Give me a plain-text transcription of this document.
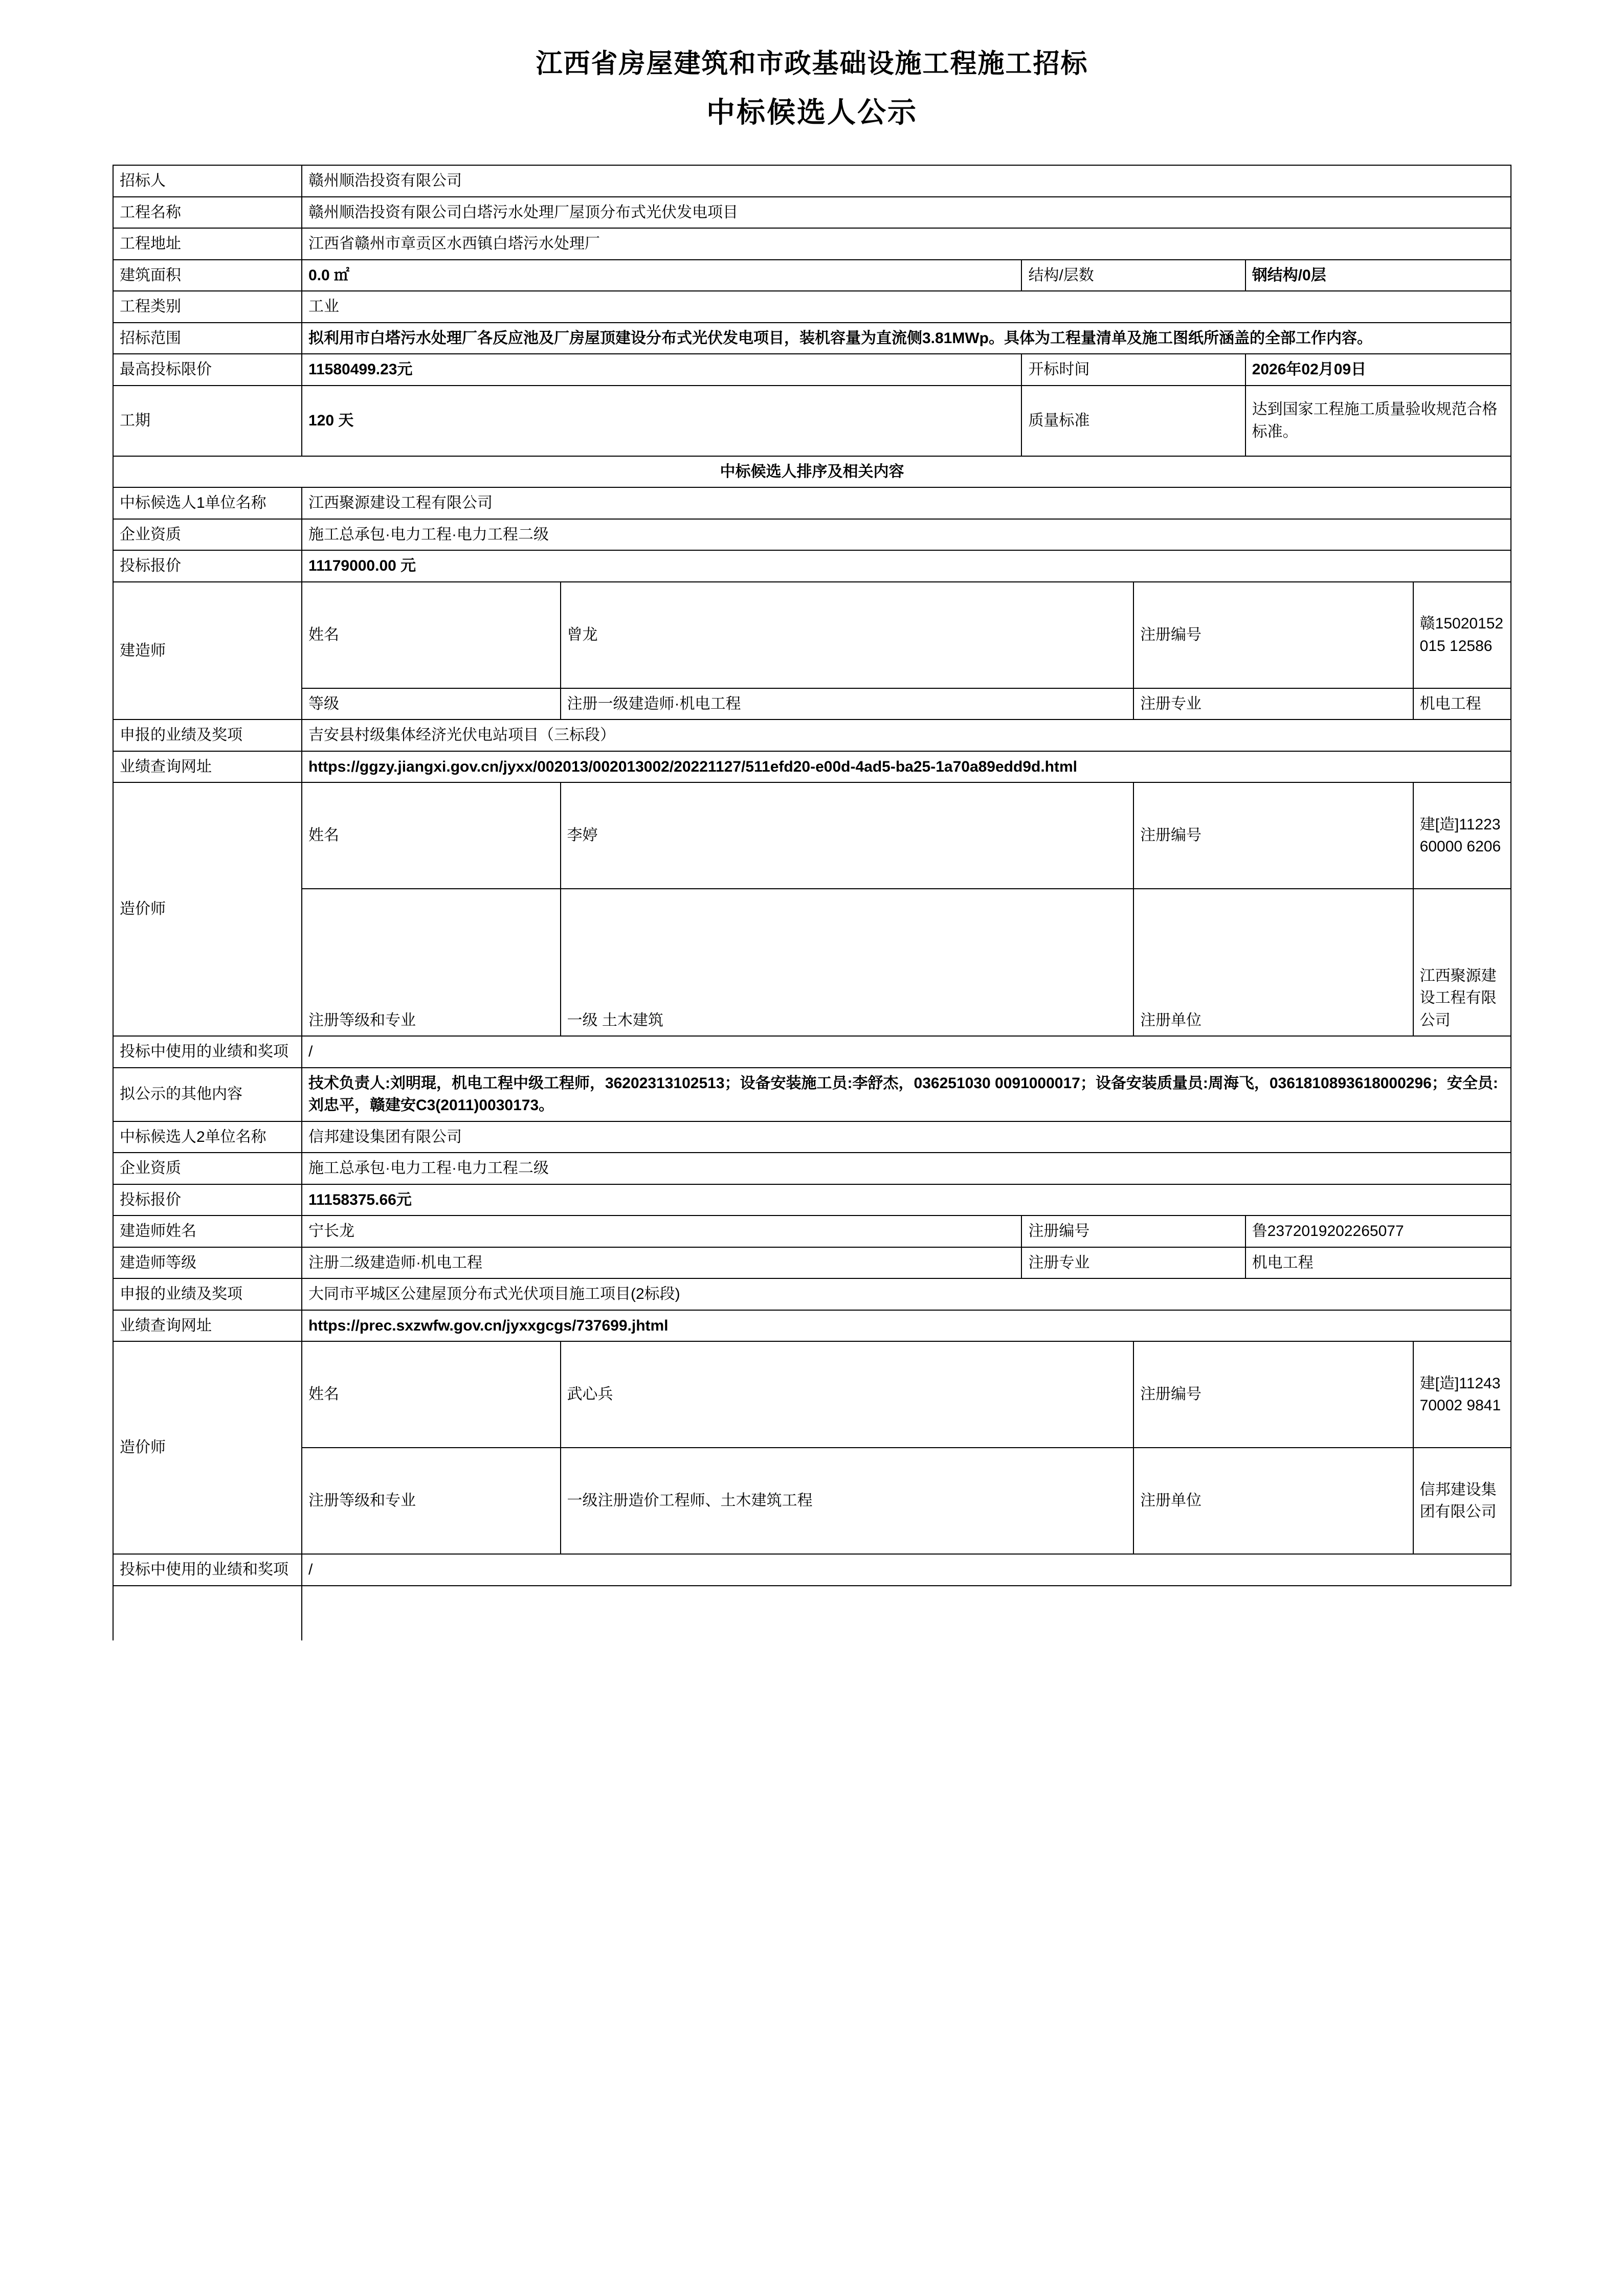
江西省房屋建筑和市政基础设施工程施工招标
中标候选人公示
招标人	赣州顺浩投资有限公司					
工程名称	赣州顺浩投资有限公司白塔污水处理厂屋顶分布式光伏发电项目					
工程地址	江西省赣州市章贡区水西镇白塔污水处理厂					
建筑面积	0.0 ㎡		结构/层数		钢结构/0层	
工程类别	工业					
招标范围	拟利用市白塔污水处理厂各反应池及厂房屋顶建设分布式光伏发电项目，装机容量为直流侧3.81MWp。具体为工程量清单及施工图纸所涵盖的全部工作内容。					
最高投标限价	11580499.23元		开标时间		2026年02月09日	
工期	120 天		质量标准		达到国家工程施工质量验收规范合格标准。	
中标候选人排序及相关内容						
中标候选人1单位名称	江西聚源建设工程有限公司					
企业资质	施工总承包·电力工程·电力工程二级					
投标报价	11179000.00 元					
建造师	姓名	曾龙		注册编号		赣15020152015 12586
	等级	注册一级建造师·机电工程		注册专业		机电工程
申报的业绩及奖项	吉安县村级集体经济光伏电站项目（三标段）					
业绩查询网址	https://ggzy.jiangxi.gov.cn/jyxx/002013/002013002/20221127/511efd20-e00d-4ad5-ba25-1a70a89edd9d.html					
造价师	姓名	李婷		注册编号		建[造]1122360000 6206
	注册等级和专业	一级 土木建筑		注册单位		江西聚源建设工程有限公司
投标中使用的业绩和奖项	/					
拟公示的其他内容	技术负责人:刘明琨，机电工程中级工程师，36202313102513；设备安装施工员:李舒杰，036251030 0091000017；设备安装质量员:周海飞，0361810893618000296；安全员:刘忠平，赣建安C3(2011)0030173。					
中标候选人2单位名称	信邦建设集团有限公司					
企业资质	施工总承包·电力工程·电力工程二级					
投标报价	11158375.66元					
建造师姓名	宁长龙		注册编号		鲁2372019202265077	
建造师等级	注册二级建造师·机电工程		注册专业		机电工程	
申报的业绩及奖项	大同市平城区公建屋顶分布式光伏项目施工项目(2标段)					
业绩查询网址	https://prec.sxzwfw.gov.cn/jyxxgcgs/737699.jhtml					
造价师	姓名	武心兵		注册编号		建[造]1124370002 9841
	注册等级和专业	一级注册造价工程师、土木建筑工程		注册单位		信邦建设集团有限公司
投标中使用的业绩和奖项	/					
